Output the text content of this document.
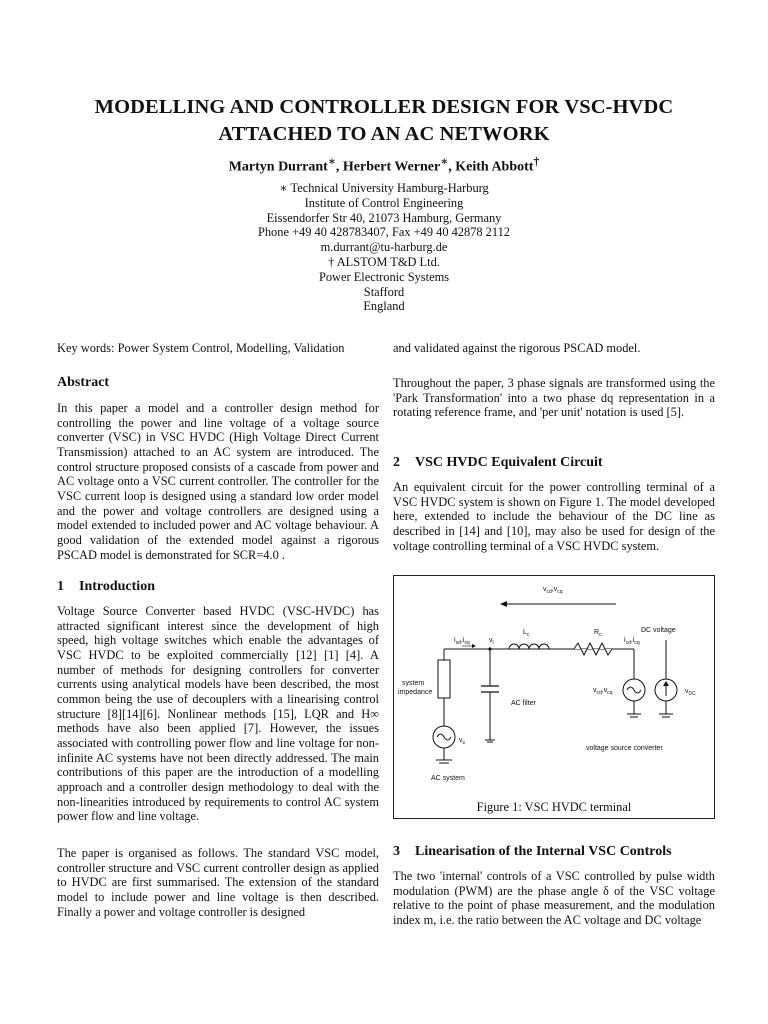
MODELLING AND CONTROLLER DESIGN FOR VSC-HVDC
ATTACHED TO AN AC NETWORK
Martyn Durrant∗, Herbert Werner∗, Keith Abbott†
∗ Technical University Hamburg-Harburg
Institute of Control Engineering
Eissendorfer Str 40, 21073 Hamburg, Germany
Phone +49 40 428783407, Fax +49 40 42878 2112
m.durrant@tu-harburg.de
† ALSTOM T&D Ltd.
Power Electronic Systems
Stafford
England

Key words: Power System Control, Modelling, Validation

Abstract

In this paper a model and a controller design method for controlling the power and line voltage of a voltage source converter (VSC) in VSC HVDC (High Voltage Direct Current Transmission) attached to an AC system are introduced. The control structure proposed consists of a cascade from power and AC voltage onto a VSC current controller. The controller for the VSC current loop is designed using a standard low order model and the power and voltage controllers are designed using a model extended to included power and AC voltage behaviour. A good validation of the extended model against a rigorous PSCAD model is demonstrated for SCR=4.0 .

1 Introduction

Voltage Source Converter based HVDC (VSC-HVDC) has attracted significant interest since the development of high speed, high voltage switches which enable the advantages of VSC HVDC to be exploited commercially [12] [1] [4]. A number of methods for designing controllers for converter currents using analytical models have been described, the most common being the use of decouplers with a linearising control structure [8][14][6]. Nonlinear methods [15], LQR and H∞ methods have also been applied [7]. However, the issues associated with controlling power flow and line voltage for non-infinite AC systems have not been directly addressed. The main contributions of this paper are the introduction of a modelling approach and a controller design methodology to deal with the non-linearities introduced by requirements to control AC system power flow and line voltage.

The paper is organised as follows. The standard VSC model, controller structure and VSC current controller design as applied to HVDC are first summarised. The extension of the standard model to include power and line voltage is then described. Finally a power and voltage controller is designed

and validated against the rigorous PSCAD model.

Throughout the paper, 3 phase signals are transformed using the 'Park Transformation' into a two phase dq representation in a rotating reference frame, and 'per unit' notation is used [5].

2 VSC HVDC Equivalent Circuit

An equivalent circuit for the power controlling terminal of a VSC HVDC system is shown on Figure 1. The model developed here, extended to include the behaviour of the DC line as described in [14] and [10], may also be used for design of the voltage controlling terminal of a VSC HVDC system.

$v_{cd},v_{cq}$
$L_c$	$R_c$
DC voltage
$i_{sd},i_{sq}$	$v_l$	$i_{cd},i_{cq}$
system
impedance
$v_s$
AC system
AC filter
$v_{cd},v_{cq}$	$v_{DC}$
voltage source converter
Figure 1: VSC HVDC terminal
3 Linearisation of the Internal VSC Controls

The two 'internal' controls of a VSC controlled by pulse width modulation (PWM) are the phase angle δ of the VSC voltage relative to the point of phase measurement, and the modulation index m, i.e. the ratio between the AC voltage and DC voltage
